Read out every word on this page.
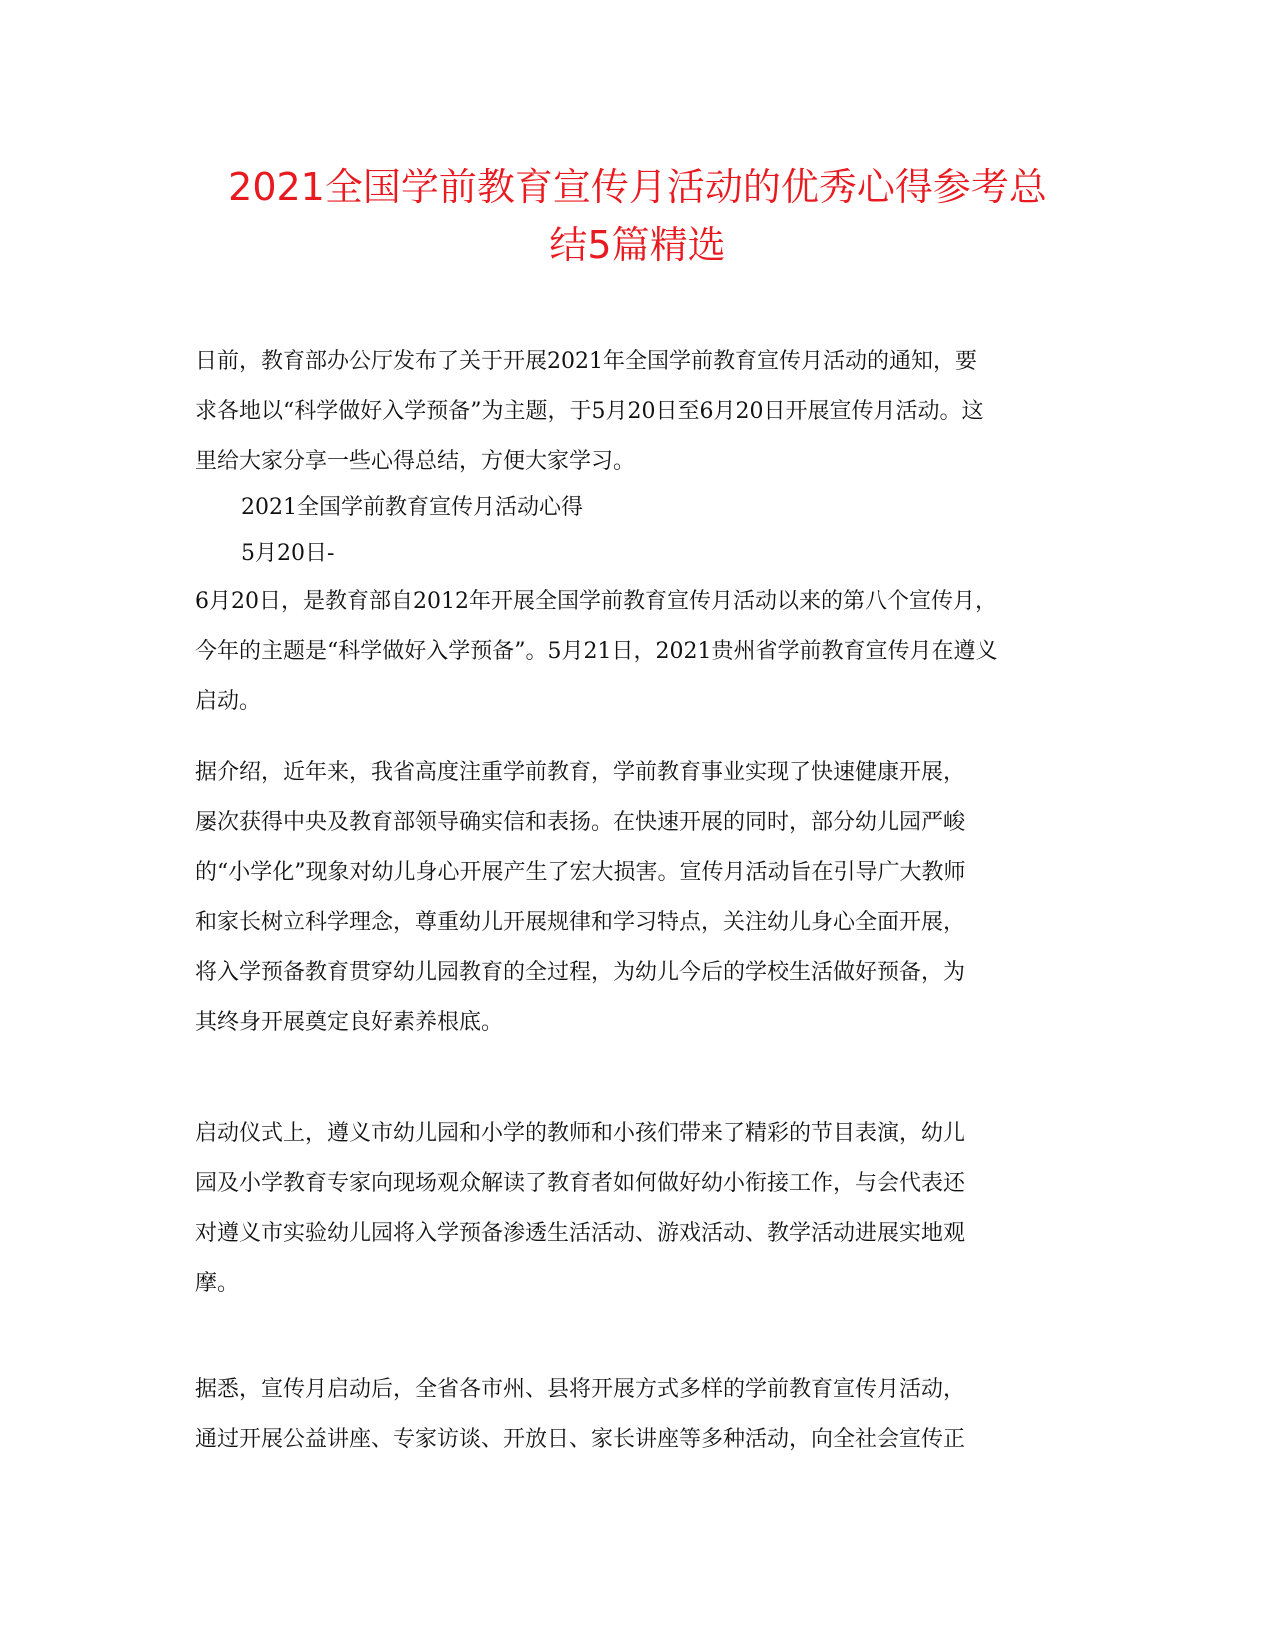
2021全国学前教育宣传月活动的优秀心得参考总
结5篇精选
日前，教育部办公厅发布了关于开展2021年全国学前教育宣传月活动的通知，要
求各地以“科学做好入学预备”为主题，于5月20日至6月20日开展宣传月活动。这
里给大家分享一些心得总结，方便大家学习。
2021全国学前教育宣传月活动心得
5月20日-
6月20日，是教育部自2012年开展全国学前教育宣传月活动以来的第八个宣传月，
今年的主题是“科学做好入学预备”。5月21日，2021贵州省学前教育宣传月在遵义
启动。
据介绍，近年来，我省高度注重学前教育，学前教育事业实现了快速健康开展，
屡次获得中央及教育部领导确实信和表扬。在快速开展的同时，部分幼儿园严峻
的“小学化”现象对幼儿身心开展产生了宏大损害。宣传月活动旨在引导广大教师
和家长树立科学理念，尊重幼儿开展规律和学习特点，关注幼儿身心全面开展，
将入学预备教育贯穿幼儿园教育的全过程，为幼儿今后的学校生活做好预备，为
其终身开展奠定良好素养根底。
启动仪式上，遵义市幼儿园和小学的教师和小孩们带来了精彩的节目表演，幼儿
园及小学教育专家向现场观众解读了教育者如何做好幼小衔接工作，与会代表还
对遵义市实验幼儿园将入学预备渗透生活活动、游戏活动、教学活动进展实地观
摩。
据悉，宣传月启动后，全省各市州、县将开展方式多样的学前教育宣传月活动，
通过开展公益讲座、专家访谈、开放日、家长讲座等多种活动，向全社会宣传正
